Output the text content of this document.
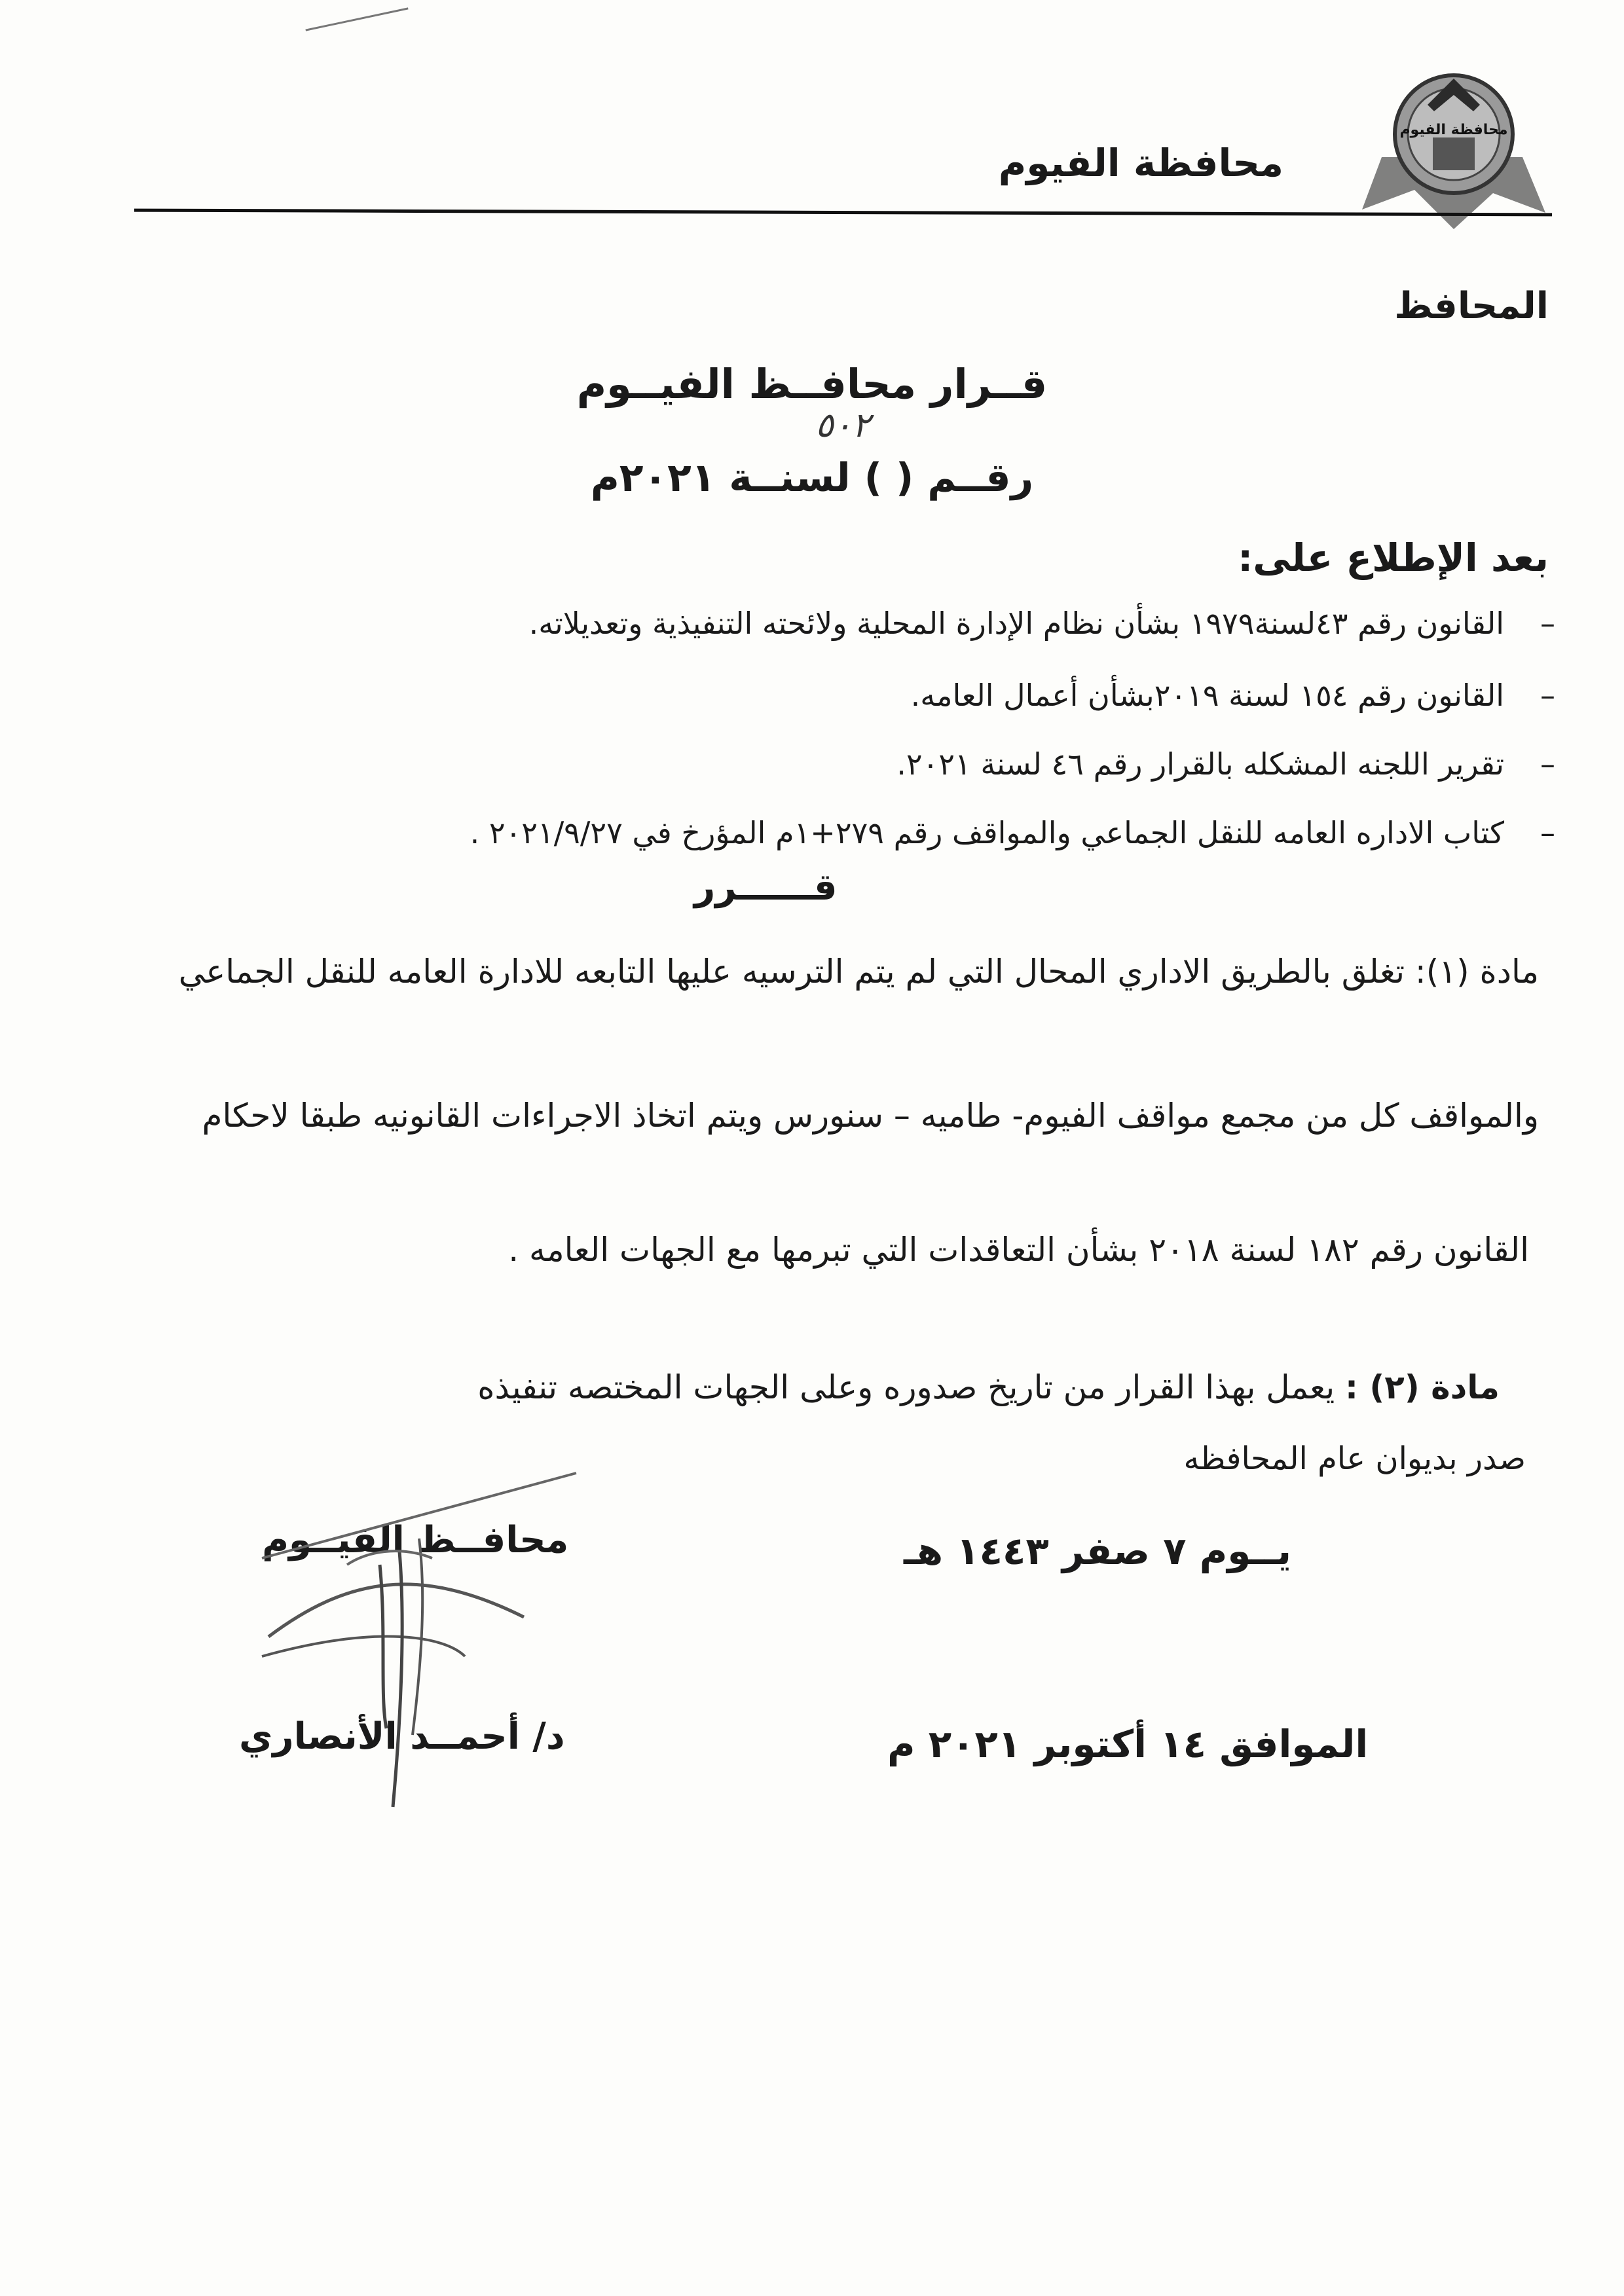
محافظة الفيوم
محافظة الفيوم
المحافظ
قــرار محافــظ الفيــوم
٥٠٢
رقــم ( ) لسنــة ٢٠٢١م
بعد الإطلاع على:
–القانون رقم ٤٣لسنة١٩٧٩ بشأن نظام الإدارة المحلية ولائحته التنفيذية وتعديلاته.
–القانون رقم ١٥٤ لسنة ٢٠١٩بشأن أعمال العامه.
–تقرير اللجنه المشكله بالقرار رقم ٤٦ لسنة ٢٠٢١.
–كتاب الاداره العامه للنقل الجماعي والمواقف رقم ٢٧٩+١م المؤرخ في ٢٠٢١/٩/٢٧ .
قــــــرر
مادة (١): تغلق بالطريق الاداري المحال التي لم يتم الترسيه عليها التابعه للادارة العامه للنقل الجماعي
والمواقف كل من مجمع مواقف الفيوم- طاميه – سنورس ويتم اتخاذ الاجراءات القانونيه طبقا لاحكام
القانون رقم ١٨٢ لسنة ٢٠١٨ بشأن التعاقدات التي تبرمها مع الجهات العامه .
مادة (٢) : يعمل بهذا القرار من تاريخ صدوره وعلى الجهات المختصه تنفيذه
صدر بديوان عام المحافظه
محافــظ الفيــوم
د/ أحمــد الأنصاري
يــوم ٧ صفر ١٤٤٣ هـ
الموافق ١٤ أكتوبر ٢٠٢١ م
